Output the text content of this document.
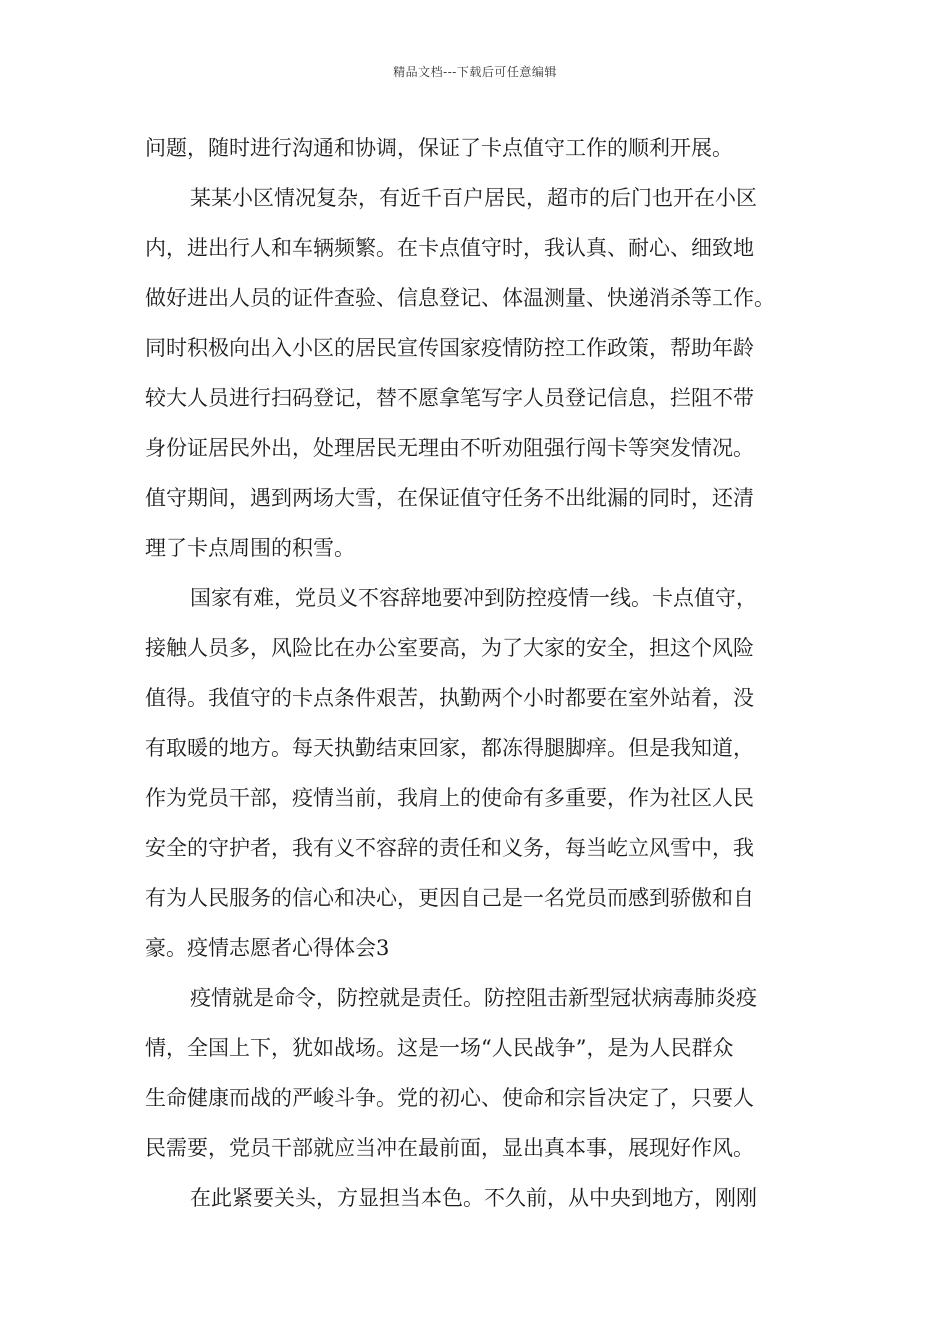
精品文档---下载后可任意编辑
问题，随时进行沟通和协调，保证了卡点值守工作的顺利开展。
某某小区情况复杂，有近千百户居民，超市的后门也开在小区
内，进出行人和车辆频繁。在卡点值守时，我认真、耐心、细致地
做好进出人员的证件查验、信息登记、体温测量、快递消杀等工作。
同时积极向出入小区的居民宣传国家疫情防控工作政策，帮助年龄
较大人员进行扫码登记，替不愿拿笔写字人员登记信息，拦阻不带
身份证居民外出，处理居民无理由不听劝阻强行闯卡等突发情况。
值守期间，遇到两场大雪，在保证值守任务不出纰漏的同时，还清
理了卡点周围的积雪。
国家有难，党员义不容辞地要冲到防控疫情一线。卡点值守，
接触人员多，风险比在办公室要高，为了大家的安全，担这个风险
值得。我值守的卡点条件艰苦，执勤两个小时都要在室外站着，没
有取暖的地方。每天执勤结束回家，都冻得腿脚痒。但是我知道，
作为党员干部，疫情当前，我肩上的使命有多重要，作为社区人民
安全的守护者，我有义不容辞的责任和义务，每当屹立风雪中，我
有为人民服务的信心和决心，更因自己是一名党员而感到骄傲和自
豪。疫情志愿者心得体会3
疫情就是命令，防控就是责任。防控阻击新型冠状病毒肺炎疫
情，全国上下，犹如战场。这是一场“人民战争”，是为人民群众
生命健康而战的严峻斗争。党的初心、使命和宗旨决定了，只要人
民需要，党员干部就应当冲在最前面，显出真本事，展现好作风。
在此紧要关头，方显担当本色。不久前，从中央到地方，刚刚
